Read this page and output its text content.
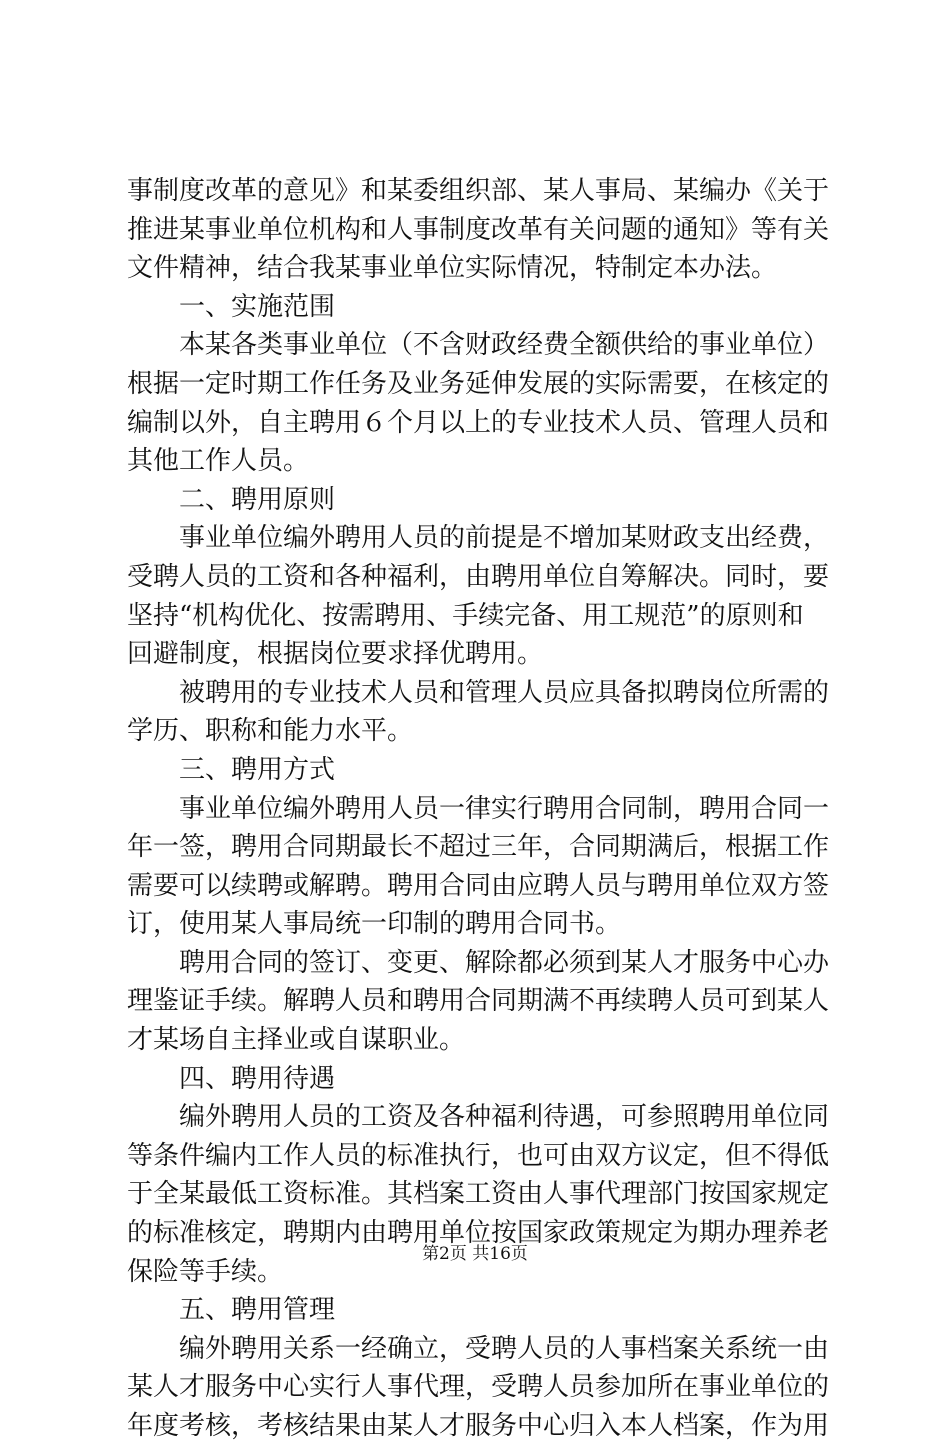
事制度改革的意见》和某委组织部、某人事局、某编办《关于
推进某事业单位机构和人事制度改革有关问题的通知》等有关
文件精神，结合我某事业单位实际情况，特制定本办法。
一、实施范围
本某各类事业单位（不含财政经费全额供给的事业单位）
根据一定时期工作任务及业务延伸发展的实际需要，在核定的
编制以外，自主聘用６个月以上的专业技术人员、管理人员和
其他工作人员。
二、聘用原则
事业单位编外聘用人员的前提是不增加某财政支出经费，
受聘人员的工资和各种福利，由聘用单位自筹解决。同时，要
坚持“机构优化、按需聘用、手续完备、用工规范”的原则和
回避制度，根据岗位要求择优聘用。
被聘用的专业技术人员和管理人员应具备拟聘岗位所需的
学历、职称和能力水平。
三、聘用方式
事业单位编外聘用人员一律实行聘用合同制，聘用合同一
年一签，聘用合同期最长不超过三年，合同期满后，根据工作
需要可以续聘或解聘。聘用合同由应聘人员与聘用单位双方签
订，使用某人事局统一印制的聘用合同书。
聘用合同的签订、变更、解除都必须到某人才服务中心办
理鉴证手续。解聘人员和聘用合同期满不再续聘人员可到某人
才某场自主择业或自谋职业。
四、聘用待遇
编外聘用人员的工资及各种福利待遇，可参照聘用单位同
等条件编内工作人员的标准执行，也可由双方议定，但不得低
于全某最低工资标准。其档案工资由人事代理部门按国家规定
的标准核定，聘期内由聘用单位按国家政策规定为期办理养老
保险等手续。
五、聘用管理
编外聘用关系一经确立，受聘人员的人事档案关系统一由
某人才服务中心实行人事代理，受聘人员参加所在事业单位的
年度考核，考核结果由某人才服务中心归入本人档案，作为用
第2页 共16页
